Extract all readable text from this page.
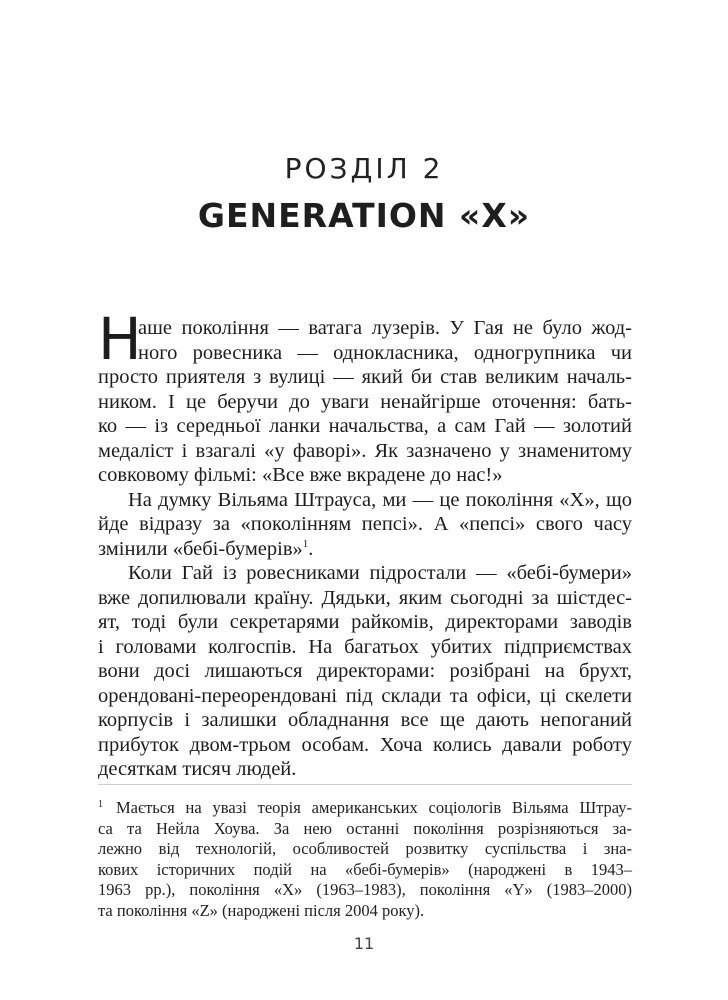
РОЗДІЛ 2
GENERATION «X»
Н
аше покоління — ватага лузерів. У Гая не було жод-
ного ровесника — однокласника, одногрупника чи
просто приятеля з вулиці — який би став великим началь-
ником. І це беручи до уваги ненайгірше оточення: бать-
ко — із середньої ланки начальства, а сам Гай — золотий
медаліст і взагалі «у фаворі». Як зазначено у знаменитому
совковому фільмі: «Все вже вкрадене до нас!»
На думку Вільяма Штрауса, ми — це покоління «X», що
йде відразу за «поколінням пепсі». А «пепсі» свого часу
змінили «бебі-бумерів»$^1$.
Коли Гай із ровесниками підростали — «бебі-бумери»
вже допилювали країну. Дядьки, яким сьогодні за шістдес-
ят, тоді були секретарями райкомів, директорами заводів
і головами колгоспів. На багатьох убитих підприємствах
вони досі лишаються директорами: розібрані на брухт,
орендовані-переорендовані під склади та офіси, ці скелети
корпусів і залишки обладнання все ще дають непоганий
прибуток двом-трьом особам. Хоча колись давали роботу
десяткам тисяч людей.
1 Мається на увазі теорія американських соціологів Вільяма Штрау-
са та Нейла Хоува. За нею останні покоління розрізняються за-
лежно від технологій, особливостей розвитку суспільства і зна-
кових історичних подій на «бебі-бумерів» (народжені в 1943–
1963 рр.), покоління «X» (1963–1983), покоління «Y» (1983–2000)
та покоління «Z» (народжені після 2004 року).
11
